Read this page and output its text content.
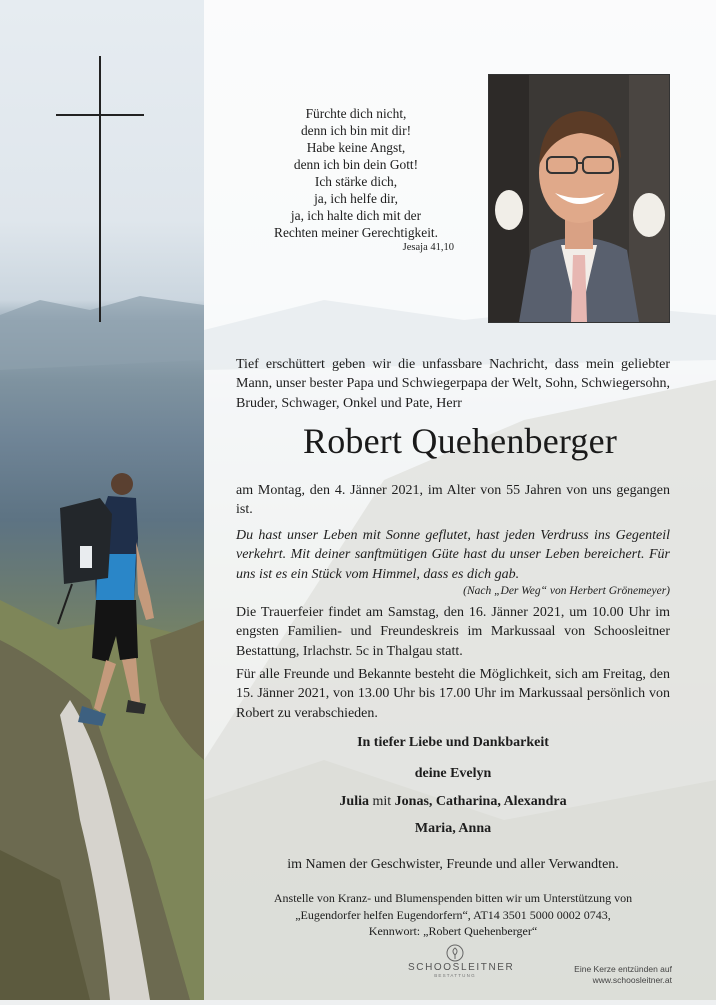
Fürchte dich nicht,
denn ich bin mit dir!
Habe keine Angst,
denn ich bin dein Gott!
Ich stärke dich,
ja, ich helfe dir,
ja, ich halte dich mit der
Rechten meiner Gerechtigkeit.
Jesaja 41,10
Tief erschüttert geben wir die unfassbare Nachricht, dass mein geliebter Mann, unser bester Papa und Schwiegerpapa der Welt, Sohn, Schwiegersohn, Bruder, Schwager, Onkel und Pate, Herr
Robert Quehenberger
am Montag, den 4. Jänner 2021, im Alter von 55 Jahren von uns gegangen ist.
Du hast unser Leben mit Sonne geflutet, hast jeden Verdruss ins Gegenteil verkehrt. Mit deiner sanftmütigen Güte hast du unser Leben bereichert. Für uns ist es ein Stück vom Himmel, dass es dich gab.
(Nach „Der Weg“ von Herbert Grönemeyer)
Die Trauerfeier findet am Samstag, den 16. Jänner 2021, um 10.00 Uhr im engsten Familien- und Freundeskreis im Markussaal von Schoosleitner Bestattung, Irlachstr. 5c in Thalgau statt.
Für alle Freunde und Bekannte besteht die Möglichkeit, sich am Freitag, den 15. Jänner 2021, von 13.00 Uhr bis 17.00 Uhr im Markussaal persönlich von Robert zu verabschieden.
In tiefer Liebe und Dankbarkeit
deine Evelyn
Julia mit Jonas, Catharina, Alexandra
Maria, Anna
im Namen der Geschwister, Freunde und aller Verwandten.
Anstelle von Kranz- und Blumenspenden bitten wir um Unterstützung von
„Eugendorfer helfen Eugendorfern“, AT14 3501 5000 0002 0743,
Kennwort: „Robert Quehenberger“
SCHOOSLEITNER
BESTATTUNG
Eine Kerze entzünden auf
www.schoosleitner.at
